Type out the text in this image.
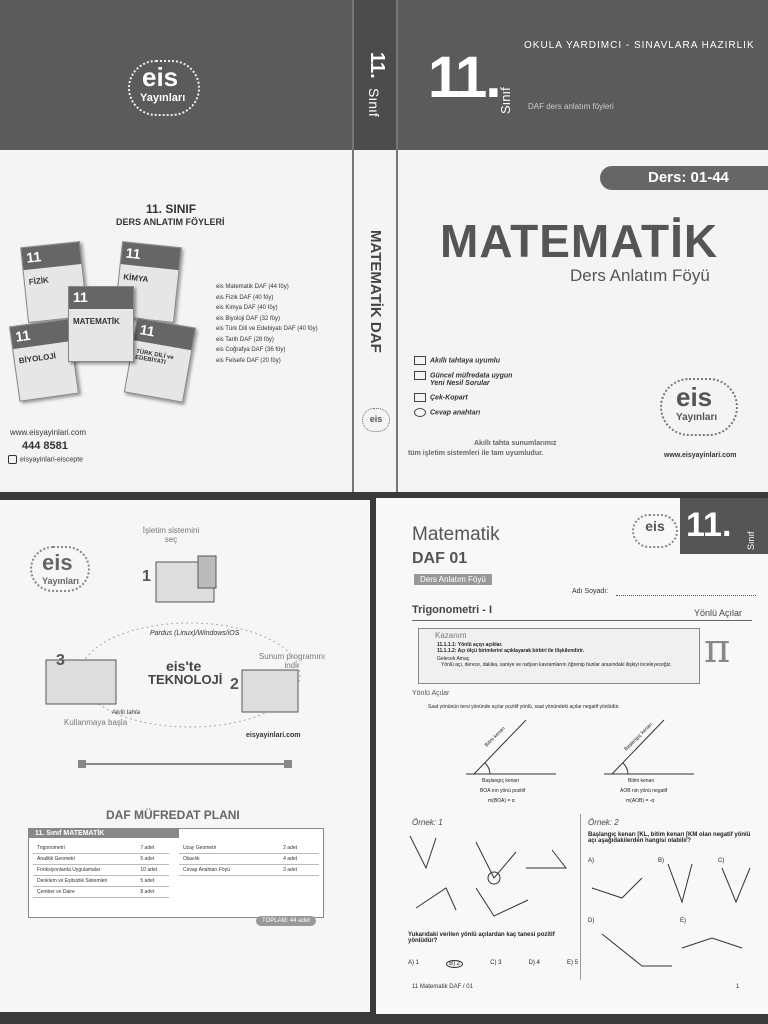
eis
Yayınları
11.
Sınıf
MATEMATİK DAF
eis
11.
Sınıf
OKULA YARDIMCI - SINAVLARA HAZIRLIK
DAF ders anlatım föyleri
Ders: 01-44
MATEMATİK
Ders Anlatım Föyü
Akıllı tahtaya uyumlu
Güncel müfredata uygun
Yeni Nesil Sorular
Çek-Kopart
Cevap anahtarı
eis
Yayınları
Akıllı tahta sunumlarımız
tüm işletim sistemleri ile tam uyumludur.	www.eisyayinlari.com
11. SINIF
DERS ANLATIM FÖYLERİ
11
FİZİK
11
KİMYA
11
BİYOLOJİ
11
TÜRK DİLİ ve EDEBİYATI
11
MATEMATİK
eis Matematik DAF (44 föy)
eis Fizik DAF (40 föy)
eis Kimya DAF (40 föy)
eis Biyoloji DAF (32 föy)
eis Türk Dili ve Edebiyatı DAF (40 föy)
eis Tarih DAF (28 föy)
eis Coğrafya DAF (36 föy)
eis Felsefe DAF (20 föy)
www.eisyayinlari.com
444 8581
eisyayinlari-eiscepte
eis
Yayınları
İşletim sistemini seç
1
Pardus (Linux)/Windows/iOS
Sunum programını indir
2
3	eis'te
TEKNOLOJİ
Akıllı tahta
eisyayinlari.com
Kullanmaya başla
DAF MÜFREDAT PLANI
11. Sınıf MATEMATİK
Trigonometri	7 adet
Analitik Geometri	5 adet
Fonksiyonlarda Uygulamalar	10 adet
Denklem ve Eşitsizlik Sistemleri	5 adet
Çember ve Daire	8 adet
Uzay Geometri	2 adet
Olasılık	4 adet
Cevap Anahtarı Föyü	3 adet
TOPLAM: 44 adet
Matematik
DAF 01
Ders Anlatım Föyü
eis 11. Sınıf
Adı Soyadı:
Trigonometri - I	Yönlü Açılar
Kazanım
11.1.1.1: Yönlü açıyı açıklar.
11.1.1.2: Açı ölçü birimlerini açıklayarak birbiri ile ilişkilendirir.
Gelecek Amaç
Yönlü açı, derece, dakika, saniye ve radyan kavramlarını öğrenip bunlar arasındaki ilişkiyi inceleyeceğiz. π
Yönlü Açılar
Saat yönünün tersi yönünde açılar pozitif yönlü, saat yönündeki açılar negatif yönlüdür.
Bitim kenarı
Başlangıç kenarı
BOA nın yönü pozitif
m(BOA) = α
Başlangıç kenarı
Bitim kenarı
AOB nin yönü negatif
m(AOB) = -α
Örnek: 1	Örnek: 2
Yukarıdaki verilen yönlü açılardan kaç tanesi pozitif yönlüdür?
A) 1	B) 2	C) 3	D) 4	E) 5
Başlangıç kenarı [KL, bitim kenarı [KM olan negatif yönlü açı aşağıdakilerden hangisi olabilir?
A)	B)	C)
D)	E)
11 Matematik DAF / 01	1
